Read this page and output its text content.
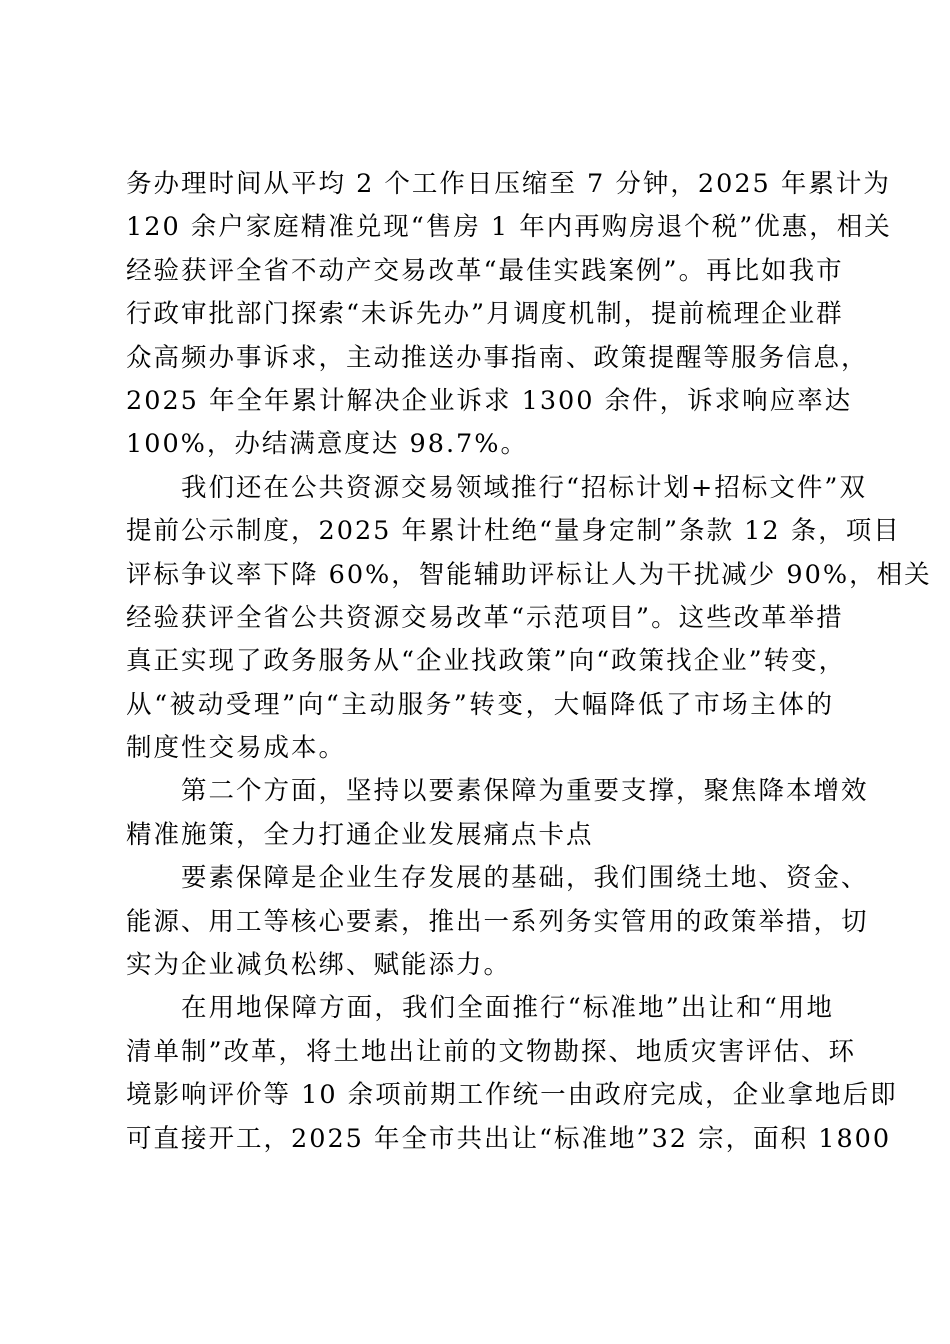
务办理时间从平均 2 个工作日压缩至 7 分钟，2025 年累计为
120 余户家庭精准兑现“售房 1 年内再购房退个税”优惠，相关
经验获评全省不动产交易改革“最佳实践案例”。再比如我市
行政审批部门探索“未诉先办”月调度机制，提前梳理企业群
众高频办事诉求，主动推送办事指南、政策提醒等服务信息，
2025 年全年累计解决企业诉求 1300 余件，诉求响应率达
100%，办结满意度达 98.7%。
我们还在公共资源交易领域推行“招标计划+招标文件”双
提前公示制度，2025 年累计杜绝“量身定制”条款 12 条，项目
评标争议率下降 60%，智能辅助评标让人为干扰减少 90%，相关
经验获评全省公共资源交易改革“示范项目”。这些改革举措
真正实现了政务服务从“企业找政策”向“政策找企业”转变，
从“被动受理”向“主动服务”转变，大幅降低了市场主体的
制度性交易成本。
第二个方面，坚持以要素保障为重要支撑，聚焦降本增效
精准施策，全力打通企业发展痛点卡点
要素保障是企业生存发展的基础，我们围绕土地、资金、
能源、用工等核心要素，推出一系列务实管用的政策举措，切
实为企业减负松绑、赋能添力。
在用地保障方面，我们全面推行“标准地”出让和“用地
清单制”改革，将土地出让前的文物勘探、地质灾害评估、环
境影响评价等 10 余项前期工作统一由政府完成，企业拿地后即
可直接开工，2025 年全市共出让“标准地”32 宗，面积 1800
